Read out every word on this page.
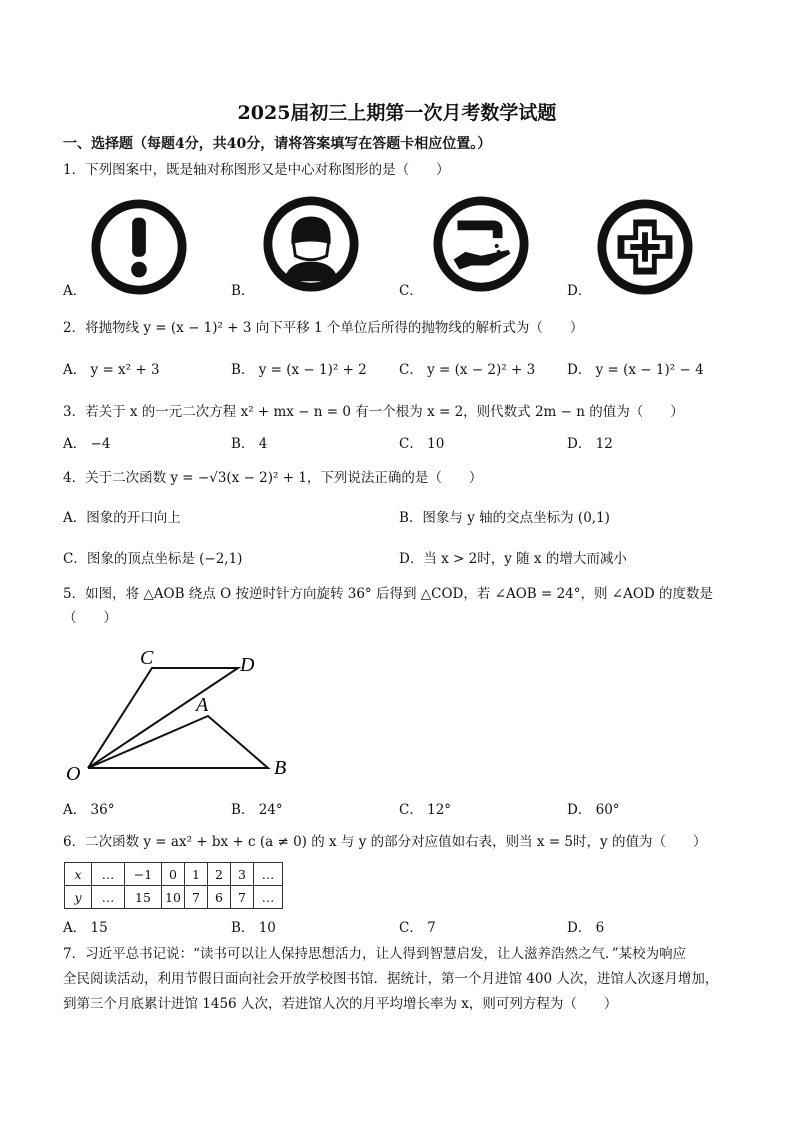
2025届初三上期第一次月考数学试题
一、选择题（每题4分，共40分，请将答案填写在答题卡相应位置。）
1．下列图案中，既是轴对称图形又是中心对称图形的是（　　）
A．	B．	C．	D．
2．将抛物线 y = (x − 1)² + 3 向下平移 1 个单位后所得的抛物线的解析式为（　　）
A． y = x² + 3	B． y = (x − 1)² + 2 C． y = (x − 2)² + 3 D． y = (x − 1)² − 4
3．若关于 x 的一元二次方程 x² + mx − n = 0 有一个根为 x = 2，则代数式 2m − n 的值为（　　）
A． −4	B． 4	C． 10	D． 12
4．关于二次函数 y = −√3(x − 2)² + 1，下列说法正确的是（　　）
A．图象的开口向上	B．图象与 y 轴的交点坐标为 (0,1)
C．图象的顶点坐标是 (−2,1)	D．当 x > 2时，y 随 x 的增大而减小
5．如图，将 △AOB 绕点 O 按逆时针方向旋转 36° 后得到 △COD，若 ∠AOB = 24°，则 ∠AOD 的度数是
（　　）
C	D
A
O	B
A． 36°	B． 24°	C． 12°	D． 60°
6．二次函数 y = ax² + bx + c (a ≠ 0) 的 x 与 y 的部分对应值如右表，则当 x = 5时，y 的值为（　　）
x	…	−1	0	1	2	3	…
y	…	15	10	7	6	7	…
A． 15	B． 10	C． 7	D． 6
7．习近平总书记说：“读书可以让人保持思想活力，让人得到智慧启发，让人滋养浩然之气．”某校为响应
全民阅读活动，利用节假日面向社会开放学校图书馆．据统计，第一个月进馆 400 人次，进馆人次逐月增加，
到第三个月底累计进馆 1456 人次，若进馆人次的月平均增长率为 x，则可列方程为（　　）
